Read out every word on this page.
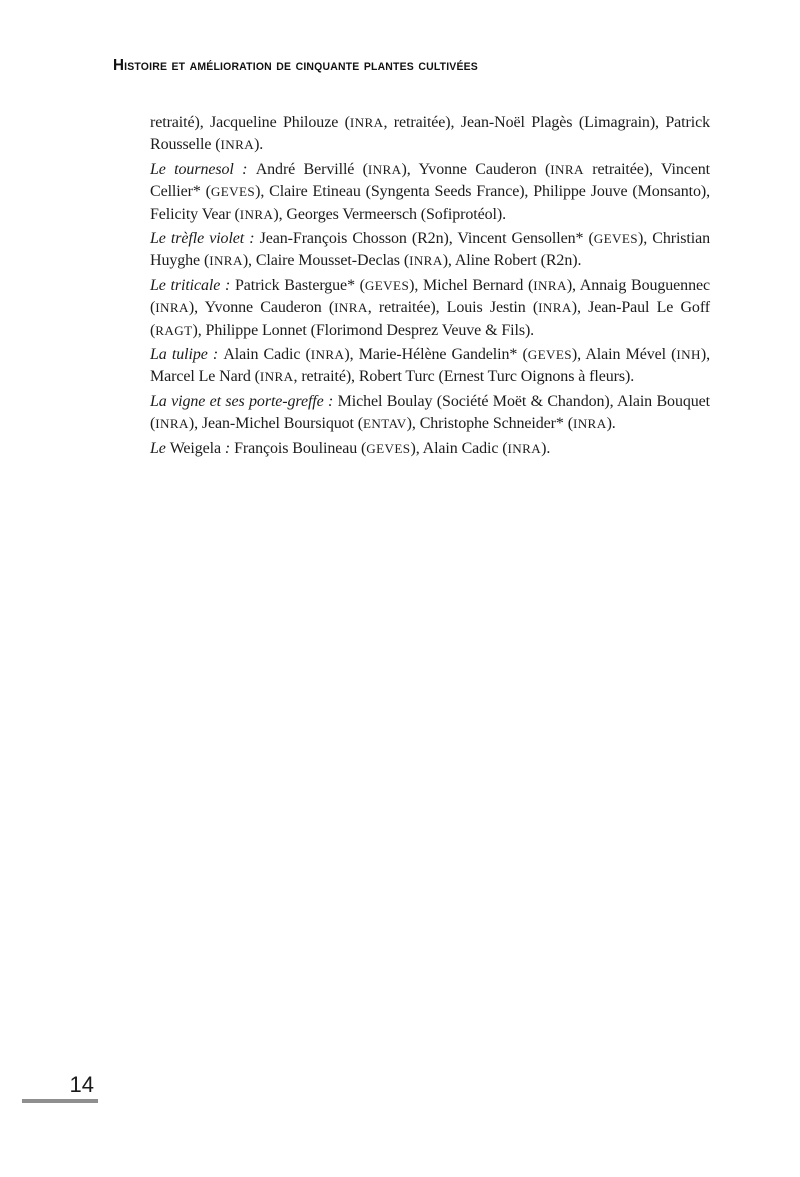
Histoire et amélioration de cinquante plantes cultivées

retraité), Jacqueline Philouze (INRA, retraitée), Jean-Noël Plagès (Limagrain), Patrick Rousselle (INRA).

Le tournesol : André Bervillé (INRA), Yvonne Cauderon (INRA retraitée), Vincent Cellier* (GEVES), Claire Etineau (Syngenta Seeds France), Philippe Jouve (Monsanto), Felicity Vear (INRA), Georges Vermeersch (Sofiprotéol).

Le trèfle violet : Jean-François Chosson (R2n), Vincent Gensollen* (GEVES), Christian Huyghe (INRA), Claire Mousset-Declas (INRA), Aline Robert (R2n).

Le triticale : Patrick Bastergue* (GEVES), Michel Bernard (INRA), Annaig Bouguennec (INRA), Yvonne Cauderon (INRA, retraitée), Louis Jestin (INRA), Jean-Paul Le Goff (RAGT), Philippe Lonnet (Florimond Desprez Veuve & Fils).

La tulipe : Alain Cadic (INRA), Marie-Hélène Gandelin* (GEVES), Alain Mével (INH), Marcel Le Nard (INRA, retraité), Robert Turc (Ernest Turc Oignons à fleurs).

La vigne et ses porte-greffe : Michel Boulay (Société Moët & Chandon), Alain Bouquet (INRA), Jean-Michel Boursiquot (ENTAV), Christophe Schneider* (INRA).

Le Weigela : François Boulineau (GEVES), Alain Cadic (INRA).

14
